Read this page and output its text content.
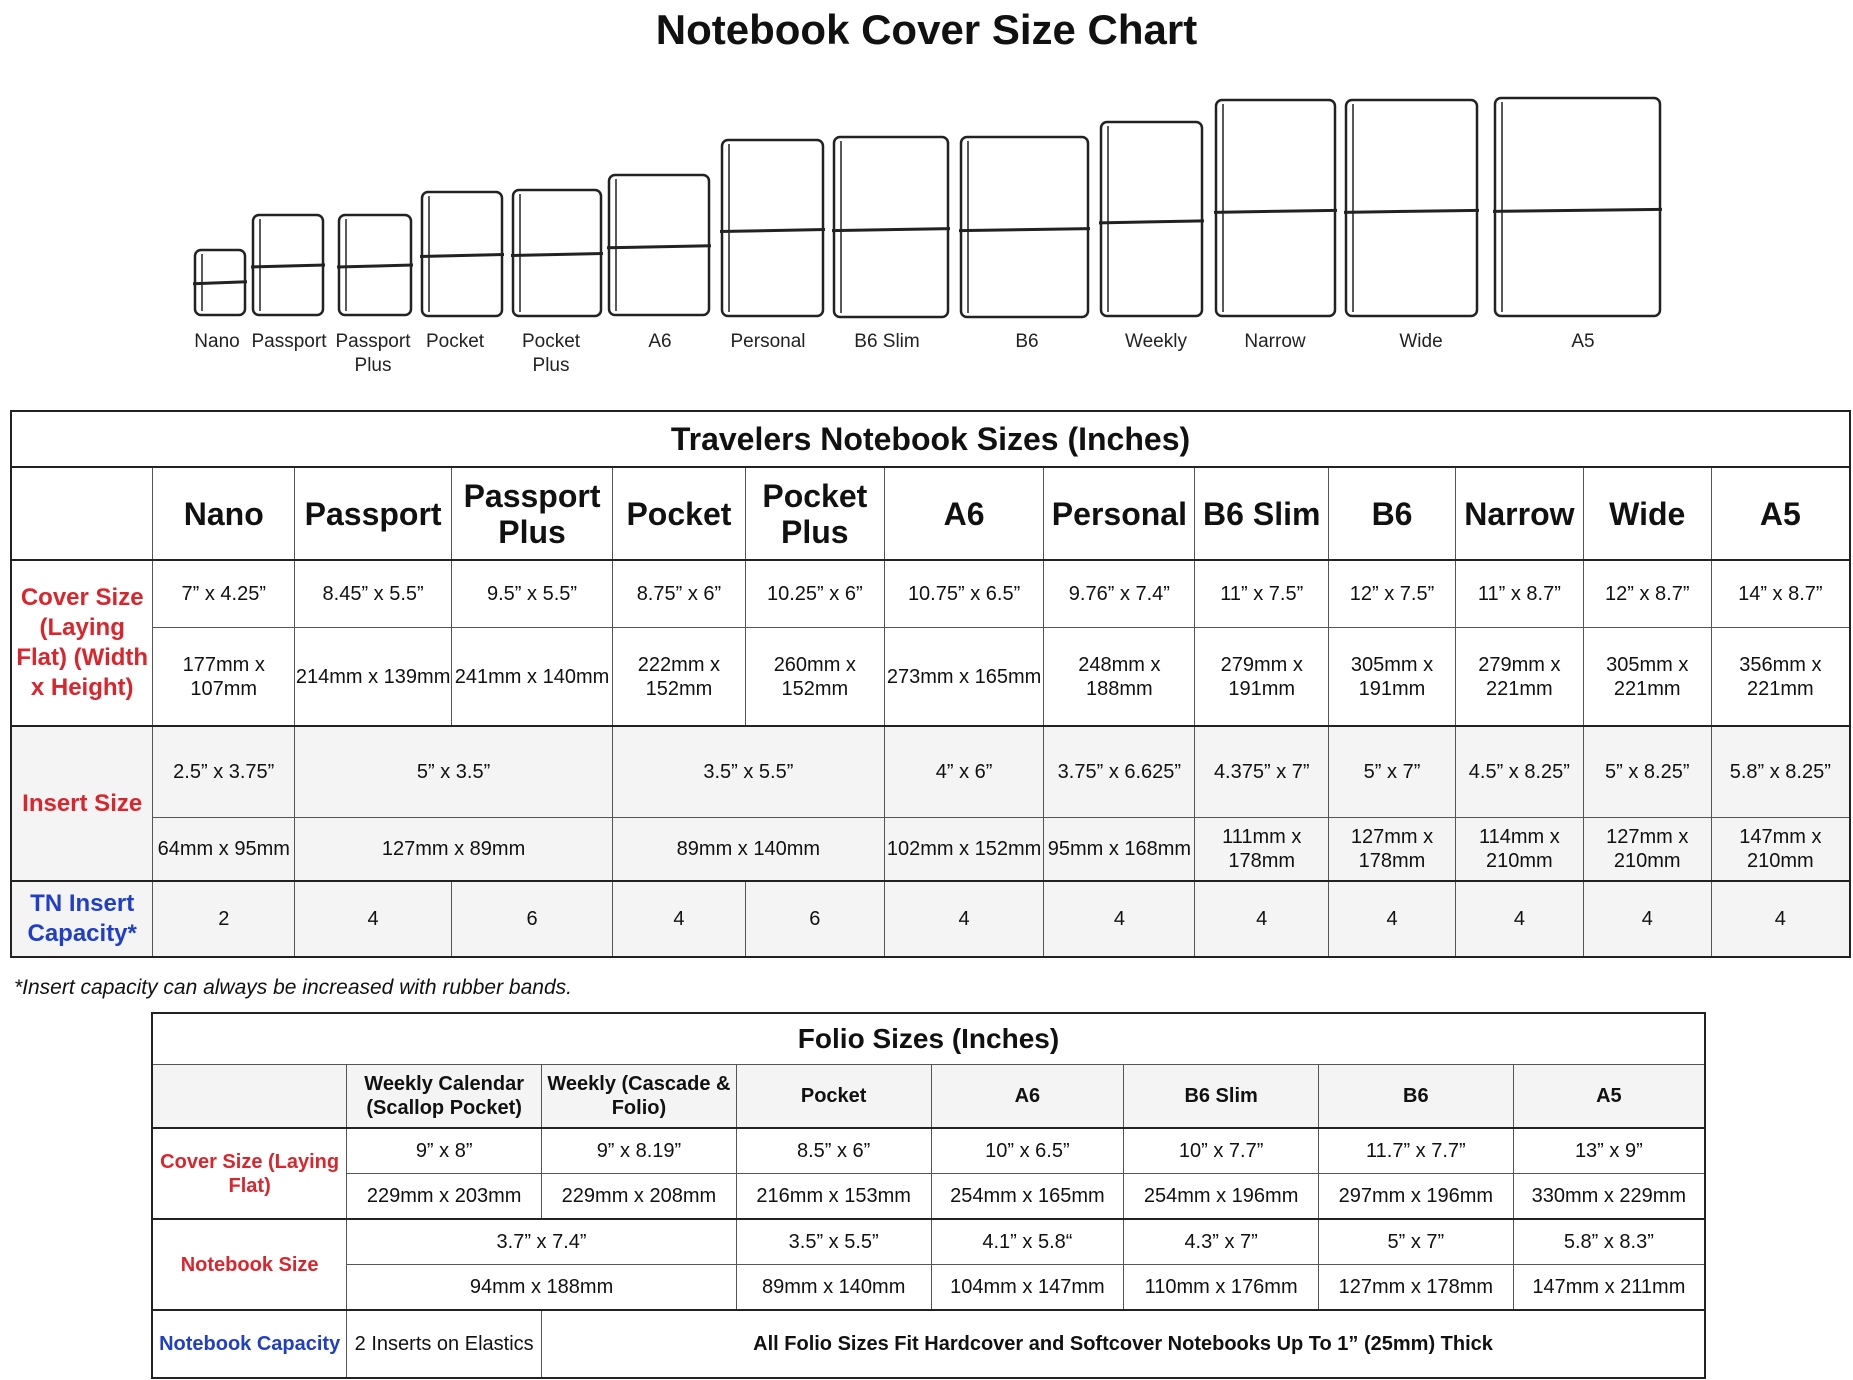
Notebook Cover Size Chart
Nano Passport Passport
Plus
Pocket	Pocket
Plus
A6	Personal	B6 Slim	B6	Weekly	Narrow	Wide	A5
Travelers Notebook Sizes (Inches)												
	Nano	Passport	Passport Plus	Pocket	Pocket Plus	A6	Personal	B6 Slim	B6	Narrow	Wide	A5
Cover Size (Laying Flat) (Width x Height)	7” x 4.25”	8.45” x 5.5”	9.5” x 5.5”	8.75” x 6”	10.25” x 6”	10.75” x 6.5”	9.76” x 7.4”	11” x 7.5”	12” x 7.5”	11” x 8.7”	12” x 8.7”	14” x 8.7”
	177mm x 107mm	214mm x 139mm	241mm x 140mm	222mm x 152mm	260mm x 152mm	273mm x 165mm	248mm x 188mm	279mm x 191mm	305mm x 191mm	279mm x 221mm	305mm x 221mm	356mm x 221mm
Insert Size	2.5” x 3.75”	5” x 3.5”		3.5” x 5.5”		4” x 6”	3.75” x 6.625”	4.375” x 7”	5” x 7”	4.5” x 8.25”	5” x 8.25”	5.8” x 8.25”
	64mm x 95mm	127mm x 89mm		89mm x 140mm		102mm x 152mm	95mm x 168mm	111mm x 178mm	127mm x 178mm	114mm x 210mm	127mm x 210mm	147mm x 210mm
TN Insert Capacity*	2	4	6	4	6	4	4	4	4	4	4	4
*Insert capacity can always be increased with rubber bands.
Folio Sizes (Inches)							
	Weekly Calendar (Scallop Pocket)	Weekly (Cascade & Folio)	Pocket	A6	B6 Slim	B6	A5
Cover Size (Laying Flat)	9” x 8”	9” x 8.19”	8.5” x 6”	10” x 6.5”	10” x 7.7”	11.7” x 7.7”	13” x 9”
	229mm x 203mm	229mm x 208mm	216mm x 153mm	254mm x 165mm	254mm x 196mm	297mm x 196mm	330mm x 229mm
Notebook Size	3.7” x 7.4”		3.5” x 5.5”	4.1” x 5.8“	4.3” x 7”	5” x 7”	5.8” x 8.3”
	94mm x 188mm		89mm x 140mm	104mm x 147mm	110mm x 176mm	127mm x 178mm	147mm x 211mm
Notebook Capacity	2 Inserts on Elastics	All Folio Sizes Fit Hardcover and Softcover Notebooks Up To 1” (25mm) Thick					
